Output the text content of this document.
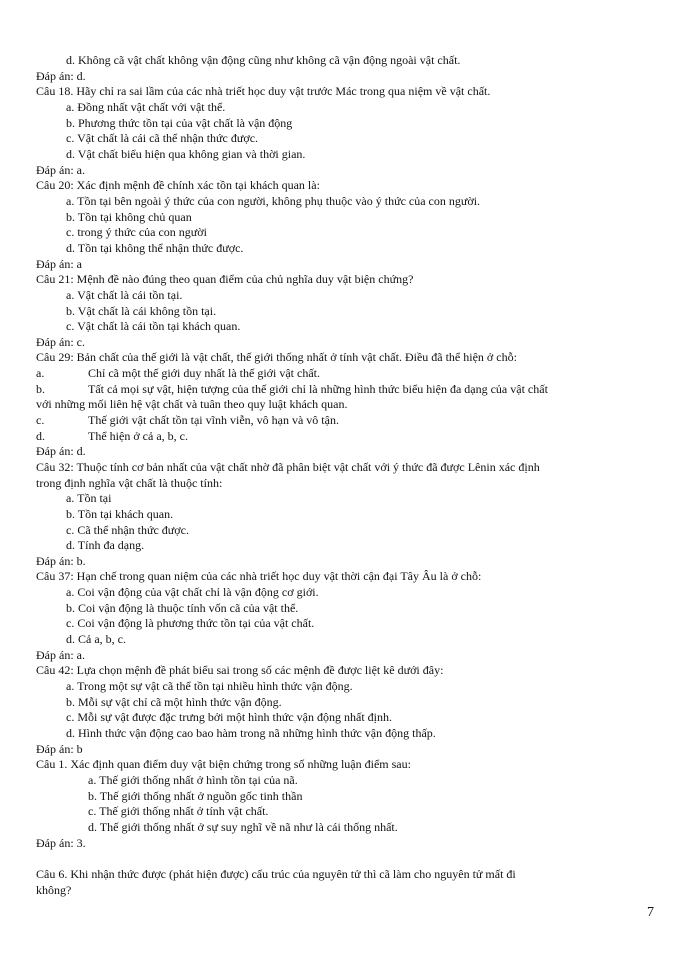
d. Không cã vật chất không vận động cũng như không cã vận động ngoài vật chất.
Đáp án: d.
Câu 18. Hãy chỉ ra sai lầm của các nhà triết học duy vật trước Mác trong qua niệm về vật chất.
a. Đồng nhất vật chất với vật thể.
b. Phương thức tồn tại của vật chất là vận động
c. Vật chất là cái cã thể nhận thức được.
d. Vật chất biểu hiện qua không gian và thời gian.
Đáp án: a.
Câu 20: Xác định mệnh đề chính xác tồn tại khách quan là:
a. Tồn tại bên ngoài ý thức của con người, không phụ thuộc vào ý thức của con người.
b. Tồn tại không chủ quan
c. trong ý thức của con người
d. Tồn tại không thể nhận thức được.
Đáp án: a
Câu 21: Mệnh đề nào đúng theo quan điểm của chủ nghĩa duy vật biện chứng?
a. Vật chất là cái tồn tại.
b. Vật chất là cái không tồn tại.
c. Vật chất là cái tồn tại khách quan.
Đáp án: c.
Câu 29: Bản chất của thế giới là vật chất, thế giới thống nhất ở tính vật chất. Điều đã thể hiện ở chỗ:
a.	Chỉ cã một thế giới duy nhất là thế giới vật chất.
b.	Tất cả mọi sự vật, hiện tượng của thế giới chỉ là những hình thức biểu hiện đa dạng của vật chất
với những mối liên hệ vật chất và tuân theo quy luật khách quan.
c.	Thế giới vật chất tồn tại vĩnh viễn, vô hạn và vô tận.
d.	Thể hiện ở cả a, b, c.
Đáp án: d.
Câu 32: Thuộc tính cơ bản nhất của vật chất nhờ đã phân biệt vật chất với ý thức đã được Lênin xác định
trong định nghĩa vật chất là thuộc tính:
a. Tồn tại
b. Tồn tại khách quan.
c. Cã thể nhận thức được.
d. Tính đa dạng.
Đáp án: b.
Câu 37: Hạn chế trong quan niệm của các nhà triết học duy vật thời cận đại Tây Âu là ở chỗ:
a. Coi vận động của vật chất chỉ là vận động cơ giới.
b. Coi vận động là thuộc tính vốn cã của vật thể.
c. Coi vận động là phương thức tồn tại của vật chất.
d. Cả a, b, c.
Đáp án: a.
Câu 42: Lựa chọn mệnh đề phát biểu sai trong số các mệnh đề được liệt kê dưới đây:
a. Trong một sự vật cã thể tồn tại nhiều hình thức vận động.
b. Mỗi sự vật chỉ cã một hình thức vận động.
c. Mỗi sự vật được đặc trưng bởi một hình thức vận động nhất định.
d. Hình thức vận động cao bao hàm trong nã những hình thức vận động thấp.
Đáp án: b
Câu 1. Xác định quan điểm duy vật biện chứng trong số những luận điểm sau:
a. Thế giới thống nhất ở hình tồn tại của nã.
b. Thế giới thống nhất ở nguồn gốc tinh thần
c. Thế giới thống nhất ở tính vật chất.
d. Thế giới thống nhất ở sự suy nghĩ về nã như là cái thống nhất.
Đáp án: 3.
Câu 6. Khi nhận thức được (phát hiện được) cấu trúc của nguyên tử thì cã làm cho nguyên tử mất đi
không?
7
